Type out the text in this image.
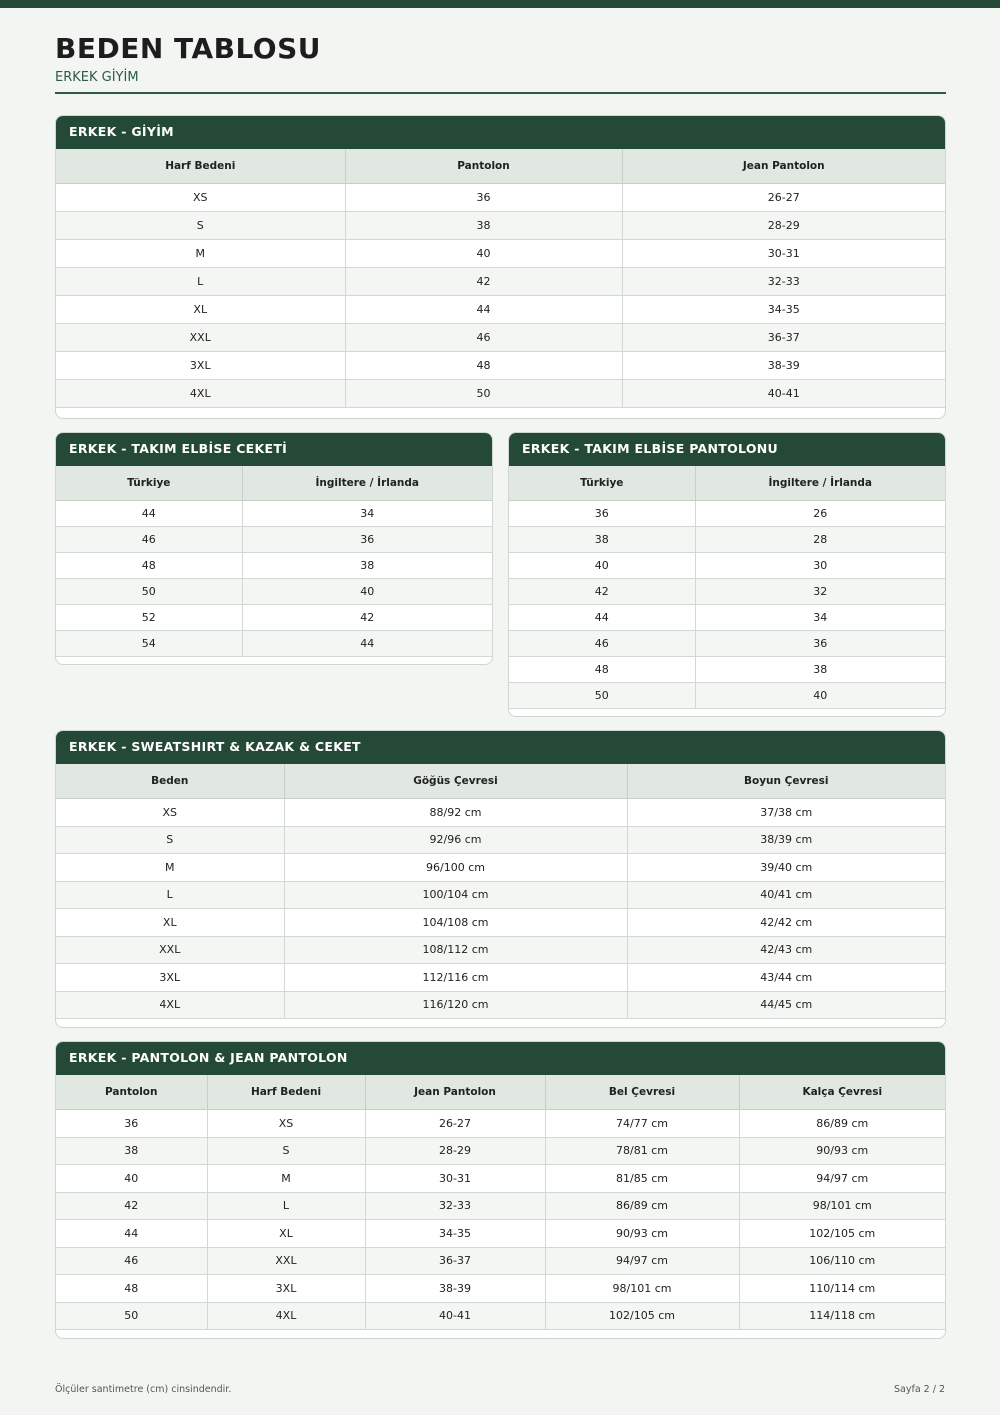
BEDEN TABLOSU
ERKEK GİYİM
ERKEK - GİYİM
Harf Bedeni	Pantolon	Jean Pantolon
XS	36	26-27
S	38	28-29
M	40	30-31
L	42	32-33
XL	44	34-35
XXL	46	36-37
3XL	48	38-39
4XL	50	40-41
ERKEK - TAKIM ELBİSE CEKETİ
Türkiye	İngiltere / İrlanda
44	34
46	36
48	38
50	40
52	42
54	44
ERKEK - TAKIM ELBİSE PANTOLONU
Türkiye	İngiltere / İrlanda
36	26
38	28
40	30
42	32
44	34
46	36
48	38
50	40
ERKEK - SWEATSHIRT & KAZAK & CEKET
Beden	Göğüs Çevresi	Boyun Çevresi
XS	88/92 cm	37/38 cm
S	92/96 cm	38/39 cm
M	96/100 cm	39/40 cm
L	100/104 cm	40/41 cm
XL	104/108 cm	42/42 cm
XXL	108/112 cm	42/43 cm
3XL	112/116 cm	43/44 cm
4XL	116/120 cm	44/45 cm
ERKEK - PANTOLON & JEAN PANTOLON
Pantolon	Harf Bedeni	Jean Pantolon	Bel Çevresi	Kalça Çevresi
36	XS	26-27	74/77 cm	86/89 cm
38	S	28-29	78/81 cm	90/93 cm
40	M	30-31	81/85 cm	94/97 cm
42	L	32-33	86/89 cm	98/101 cm
44	XL	34-35	90/93 cm	102/105 cm
46	XXL	36-37	94/97 cm	106/110 cm
48	3XL	38-39	98/101 cm	110/114 cm
50	4XL	40-41	102/105 cm	114/118 cm
Ölçüler santimetre (cm) cinsindendir.	Sayfa 2 / 2
